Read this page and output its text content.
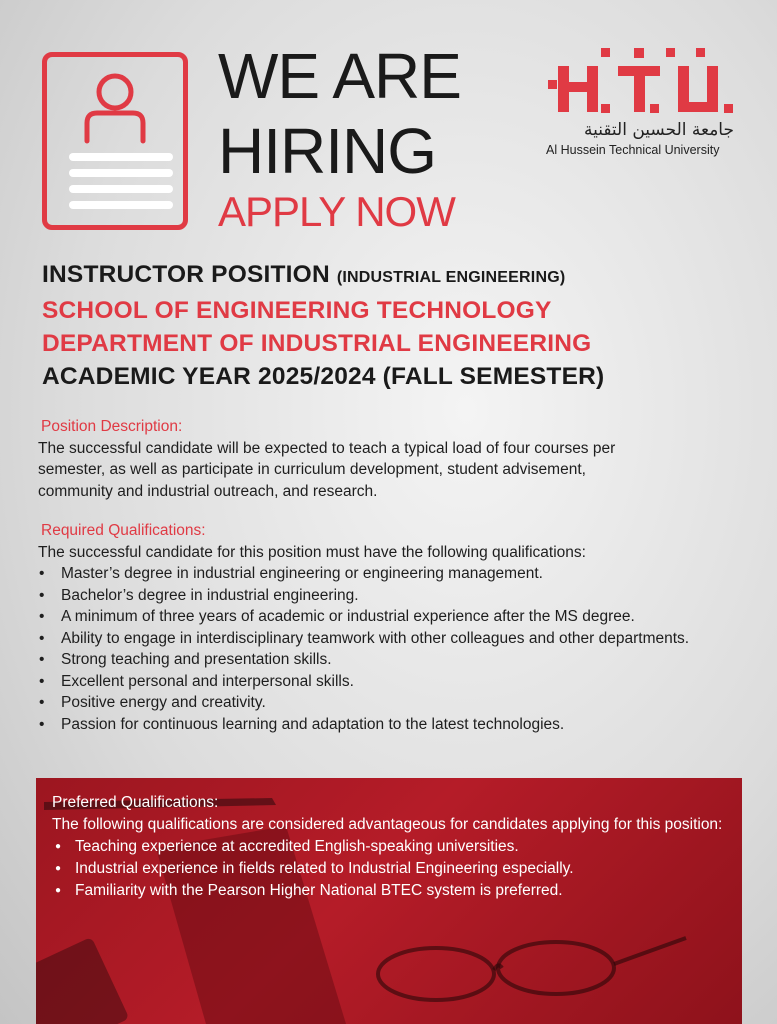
WE ARE
HIRING
APPLY NOW
جامعة الحسين التقنية
Al Hussein Technical University
INSTRUCTOR POSITION (INDUSTRIAL ENGINEERING)
SCHOOL OF ENGINEERING TECHNOLOGY
DEPARTMENT OF INDUSTRIAL ENGINEERING
ACADEMIC YEAR 2025/2024 (FALL SEMESTER)
Position Description:
The successful candidate will be expected to teach a typical load of four courses per
semester, as well as participate in curriculum development, student advisement,
community and industrial outreach, and research.
Required Qualifications:
The successful candidate for this position must have the following qualifications:
• Master’s degree in industrial engineering or engineering management.
• Bachelor’s degree in industrial engineering.
• A minimum of three years of academic or industrial experience after the MS degree.
• Ability to engage in interdisciplinary teamwork with other colleagues and other departments.
• Strong teaching and presentation skills.
• Excellent personal and interpersonal skills.
• Positive energy and creativity.
• Passion for continuous learning and adaptation to the latest technologies.
Preferred Qualifications:
The following qualifications are considered advantageous for candidates applying for this position:
● Teaching experience at accredited English-speaking universities.
● Industrial experience in fields related to Industrial Engineering especially.
● Familiarity with the Pearson Higher National BTEC system is preferred.
